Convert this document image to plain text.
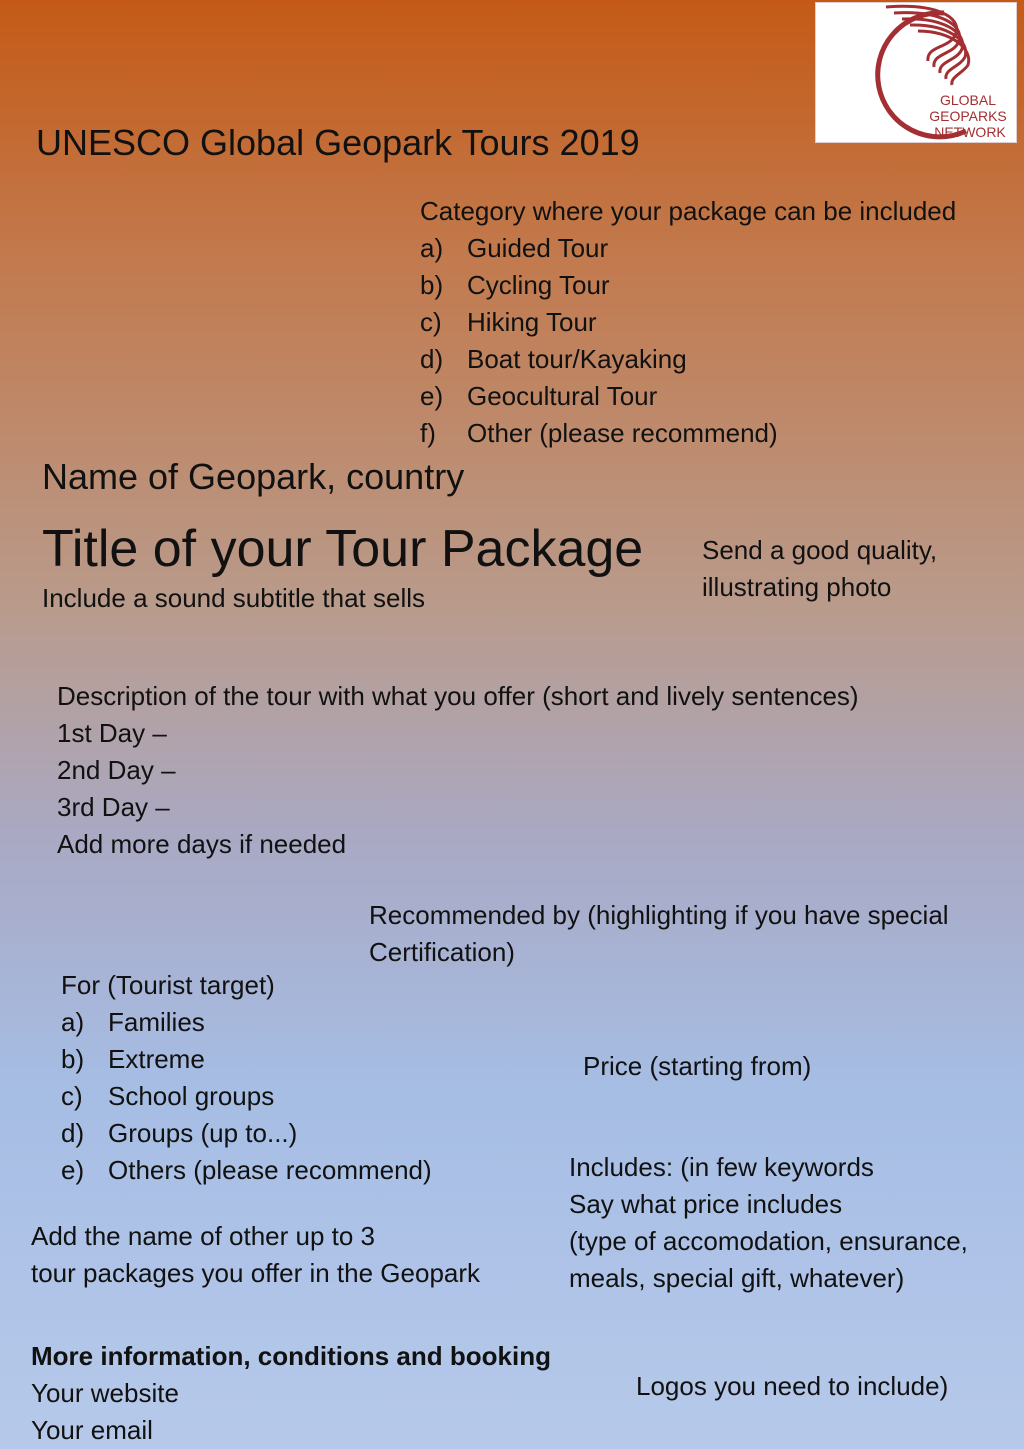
GLOBAL
GEOPARKS
NETWORK
UNESCO Global Geopark Tours 2019
Category where your package can be included
a) Guided Tour
b) Cycling Tour
c) Hiking Tour
d) Boat tour/Kayaking
e) Geocultural Tour
f)	Other (please recommend)
Name of Geopark, country
Title of your Tour Package
Include a sound subtitle that sells
Send a good quality,
illustrating photo
Description of the tour with what you offer (short and lively sentences)
1st Day –
2nd Day –
3rd Day –
Add more days if needed
Recommended by (highlighting if you have special
Certification)
For (Tourist target)
a) Families
b) Extreme
c) School groups
d) Groups (up to...)
e) Others (please recommend)
Price (starting from)
Includes: (in few keywords
Say what price includes
(type of accomodation, ensurance,
meals, special gift, whatever)
Add the name of other up to 3
tour packages you offer in the Geopark
More information, conditions and booking
Your website
Your email
Logos you need to include)
